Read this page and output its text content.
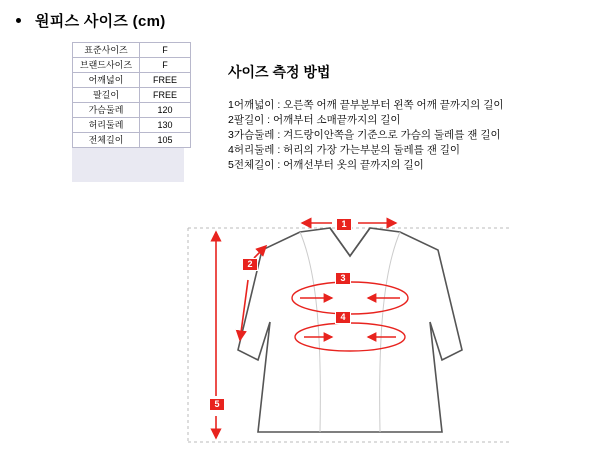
원피스 사이즈 (cm)
표준사이즈	F
브랜드사이즈	F
어깨넓이	FREE
팔길이	FREE
가슴둘레	120
허리둘레	130
전체길이	105
사이즈 측정 방법
1어깨넓이 : 오른쪽 어깨 끝부분부터 왼쪽 어깨 끝까지의 길이
2팔길이 : 어깨부터 소매끝까지의 길이
3가슴둘레 : 겨드랑이안쪽을 기준으로 가슴의 둘레를 잰 길이
4허리둘레 : 허리의 가장 가는부분의 둘레를 잰 길이
5전체길이 : 어깨선부터 옷의 끝까지의 길이
1
2
3
4
5
